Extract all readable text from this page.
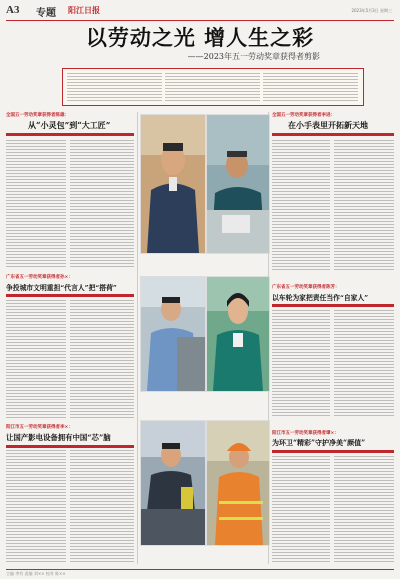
A3 专题 阳江日报	2023年5月3日 星期三
以劳动之光 增人生之彩
——2023年五一劳动奖章获得者剪影
全国五一劳动奖章获得者陈雄：
从“小灵包”到“大工匠”
全国五一劳动奖章获得者李进：
在小手表里开拓新天地
广东省五一劳动奖章获得者孙×：
争投城市文明重担“代言人”把“搭荷”	广东省五一劳动奖章获得者陈芳：
以车轮为家把责任当作“自家人”
阳江市五一劳动奖章获得者李×：
让国产影电设备拥有中国“芯”脑	阳江市五一劳动奖章获得者谭×：
为环卫“精彩”守护净美“颜值”
主编 李有 责编 刘×× 校对 陈××
